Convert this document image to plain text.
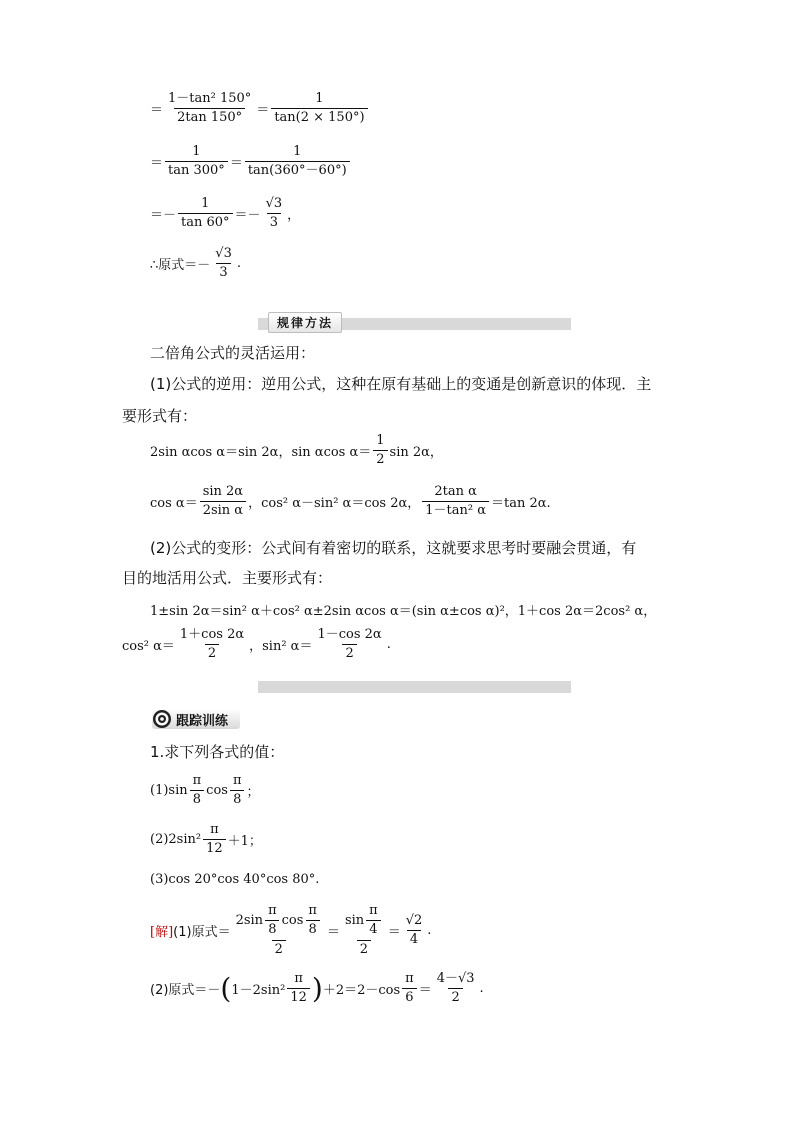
＝ $\frac{\text{1－tan² 150°}}{2\tan 150^\circ} = \frac{1}{\tan(2 \times 150^\circ)}$
＝ $\frac{1}{\tan 300^\circ} = \frac{1}{\tan(360^\circ-60^\circ)}$
＝－ $\frac{1}{\tan 60^\circ} =- \frac{√3}{3}$ ，
∴原式＝－ $\frac{√3}{3}$ .
规律方法
二倍角公式的灵活运用：
(1)公式的逆用：逆用公式，这种在原有基础上的变通是创新意识的体现．主
要形式有：
2sin αcos α＝sin 2α，sin αcos $\alpha= \frac{1}{2}$ sin 2α，
$\cos \alpha= \frac{\sin 2\alpha}{\text{2sin α}}$ ，cos² α－sin² α＝cos 2α， $\frac{\text{2tan α}}{\text{1－tan² α}} =\tan$ 2α.
(2)公式的变形：公式间有着密切的联系，这就要求思考时要融会贯通，有
目的地活用公式．主要形式有：
1±sin 2α＝sin² α＋cos² α±2sin αcos α＝(sin α±cos α)²，1＋cos 2α＝2cos² α，
cos² $\alpha= \frac{1+\cos 2\alpha}{2}$ ，sin² $\alpha= \frac{1-\cos 2\alpha}{2}$ .
跟踪训练
1.求下列各式的值：
$(1)\sin \frac{\pi}{8}$ $\cos \frac{\pi}{8}$ ；
$(2)2\sin^2 \frac{\pi}{12} +1$；
(3)cos 20°cos 40°cos 80°.
[解] (1)原式＝ $\frac{2\sin \frac{\pi}{8} \cos \frac{\pi}{8}}{2} = \frac{\sin \frac{\pi}{4}}{2} = \frac{√2}{4}$ .
(2)原式＝－ ( $1-2\sin^2 \frac{\pi}{12}$ ) $+2=2-\cos \frac{\pi}{6} = \frac{4-√3}{2}$ .
